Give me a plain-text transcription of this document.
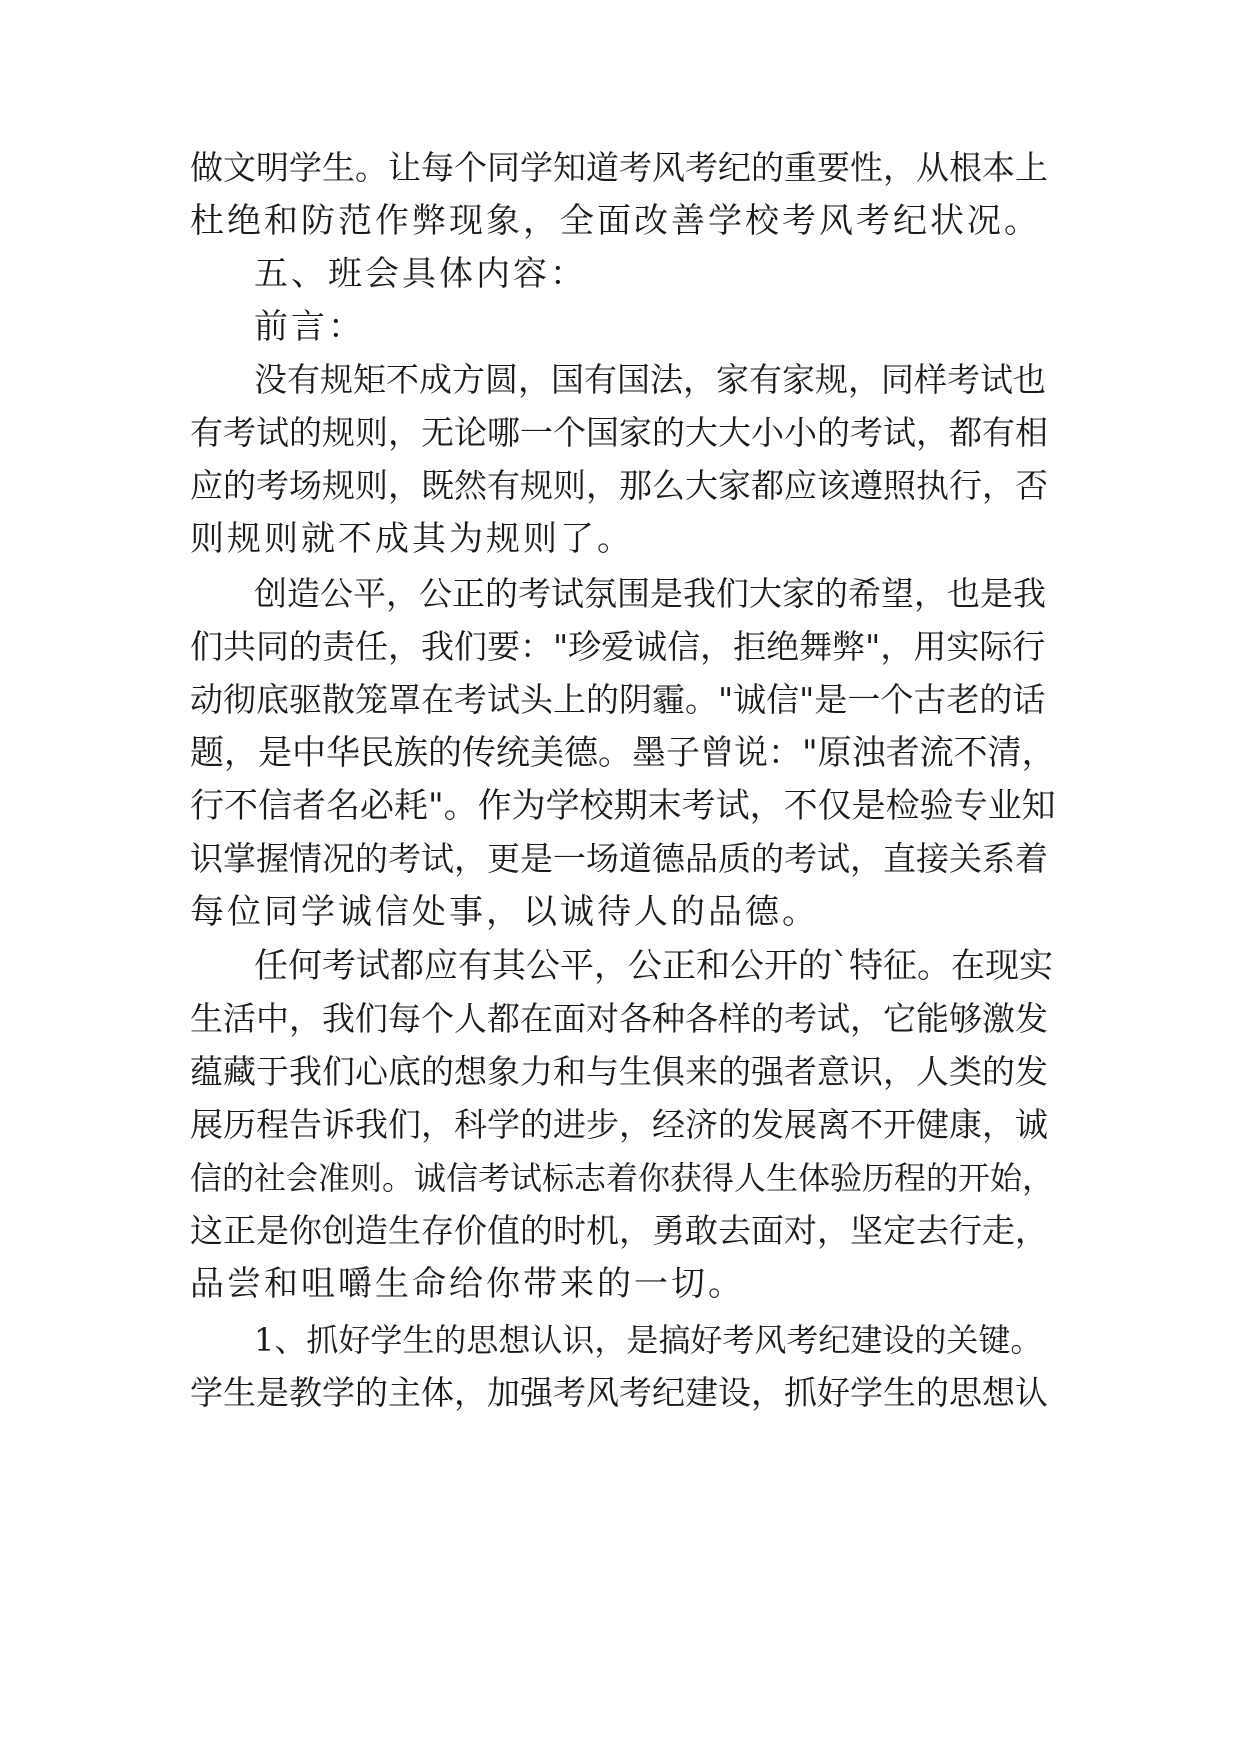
做文明学生。让每个同学知道考风考纪的重要性，从根本上
杜绝和防范作弊现象，全面改善学校考风考纪状况。
五、班会具体内容：
前言：
没有规矩不成方圆，国有国法，家有家规，同样考试也
有考试的规则，无论哪一个国家的大大小小的考试，都有相
应的考场规则，既然有规则，那么大家都应该遵照执行，否
则规则就不成其为规则了。
创造公平，公正的考试氛围是我们大家的希望，也是我
们共同的责任，我们要："珍爱诚信，拒绝舞弊"，用实际行
动彻底驱散笼罩在考试头上的阴霾。"诚信"是一个古老的话
题，是中华民族的传统美德。墨子曾说："原浊者流不清，
行不信者名必耗"。作为学校期末考试，不仅是检验专业知
识掌握情况的考试，更是一场道德品质的考试，直接关系着
每位同学诚信处事，以诚待人的品德。
任何考试都应有其公平，公正和公开的`特征。在现实
生活中，我们每个人都在面对各种各样的考试，它能够激发
蕴藏于我们心底的想象力和与生俱来的强者意识，人类的发
展历程告诉我们，科学的进步，经济的发展离不开健康，诚
信的社会准则。诚信考试标志着你获得人生体验历程的开始，
这正是你创造生存价值的时机，勇敢去面对，坚定去行走，
品尝和咀嚼生命给你带来的一切。
1、抓好学生的思想认识，是搞好考风考纪建设的关键。
学生是教学的主体，加强考风考纪建设，抓好学生的思想认
